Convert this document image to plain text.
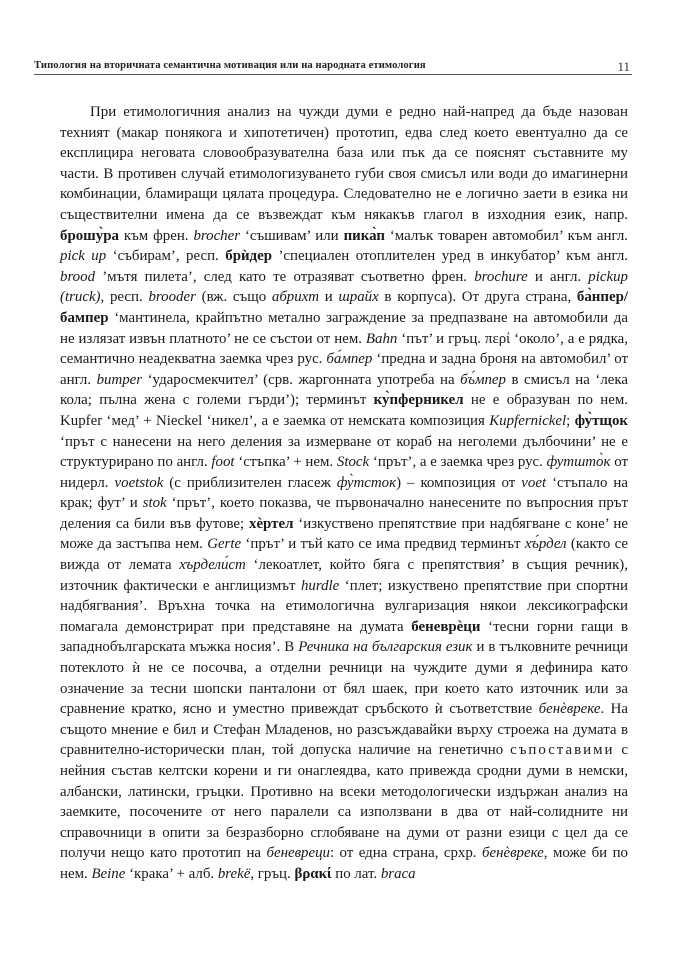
Типология на вторичната семантична мотивация или на народната етимология	11

При етимологичния анализ на чужди думи е редно най-напред да бъде назован техният (макар понякога и хипотетичен) прототип, едва след което евентуално да се експлицира неговата словообразувателна база или пък да се пояснят съставните му части. В противен случай етимологизуването губи своя смисъл или води до имагинерни комбинации, бламиращи цялата процедура. Следователно не е логично заети в езика ни съществителни имена да се възвеждат към някакъв глагол в изходния език, напр. брошу̀ра към френ. brocher ‘съшивам’ или пика̀п ‘малък товарен автомобил’ към англ. pick up ‘събирам’, респ. брѝдер ’специален отоплителен уред в инкубатор’ към англ. brood ’мътя пилета’, след като те отразяват съответно френ. brochure и англ. pickup (truck), респ. brooder (вж. също абрихт и шрайх в корпуса). От друга страна, ба̀нпер/ бампер ‘мантинела, крайпътно метално заграждение за предпазване на автомобили да не излязат извън платното’ не се състои от нем. Bahn ‘път’ и гръц. περί ‘около’, а е рядка, семантично неадекватна заемка чрез рус. ба́мпер ‘предна и задна броня на автомобил’ от англ. bumper ‘ударосмекчител’ (срв. жаргонната употреба на бъ́мпер в смисъл на ‘лека кола; пълна жена с големи гърди’); терминът ку̀пферникел не е образуван по нем. Kupfer ‘мед’ + Nieckel ‘никел’, а е заемка от немската композиция Kupfernickel; фу̀тщок ‘прът с нанесени на него деления за измерване от кораб на неголеми дълбочини’ не е структурирано по англ. foot ‘стъпка’ + нем. Stock ‘прът’, а е заемка чрез рус. футшто̀к от нидерл. voetstok (с приблизителен гласеж фу̀тсток) – композиция от voet ‘стъпало на крак; фут’ и stok ‘прът’, което показва, че първоначално нанесените по въпросния прът деления са били във футове; хѐртел ‘изкуствено препятствие при надбягване с коне’ не може да застъпва нем. Gerte ‘прът’ и тъй като се има предвид терминът хъ́рдел (както се вижда от лемата хърдели́ст ‘лекоатлет, който бяга с препятствия’ в същия речник), източник фактически е англицизмът hurdle ‘плет; изкуствено препятствие при спортни надбягвания’. Връхна точка на етимологична вулгаризация някои лексикографски помагала демонстрират при представяне на думата беневрѐци ‘тесни горни гащи в западнобългарската мъжка носия’. В Речника на българския език и в тълковните речници потеклото ѝ не се посочва, а отделни речници на чуждите думи я дефинира като означение за тесни шопски панталони от бял шаек, при което като източник или за сравнение кратко, ясно и уместно привеждат сръбското ѝ съответствие бенѐвреке. На същото мнение е бил и Стефан Младенов, но разсъждавайки върху строежа на думата в сравнително-исторически план, той допуска наличие на генетично съпоставими с нейния състав келтски корени и ги онаглеядва, като привежда сродни думи в немски, албански, латински, гръцки. Противно на всеки методологически издържан анализ на заемките, посочените от него паралели са използвани в два от най-солидните ни справочници в опити за безразборно сглобяване на думи от разни езици с цел да се получи нещо като прототип на беневреци: от една страна, срхр. бенѐвреке, може би по нем. Beine ‘крака’ + алб. brekë, гръц. βρακί по лат. braca
